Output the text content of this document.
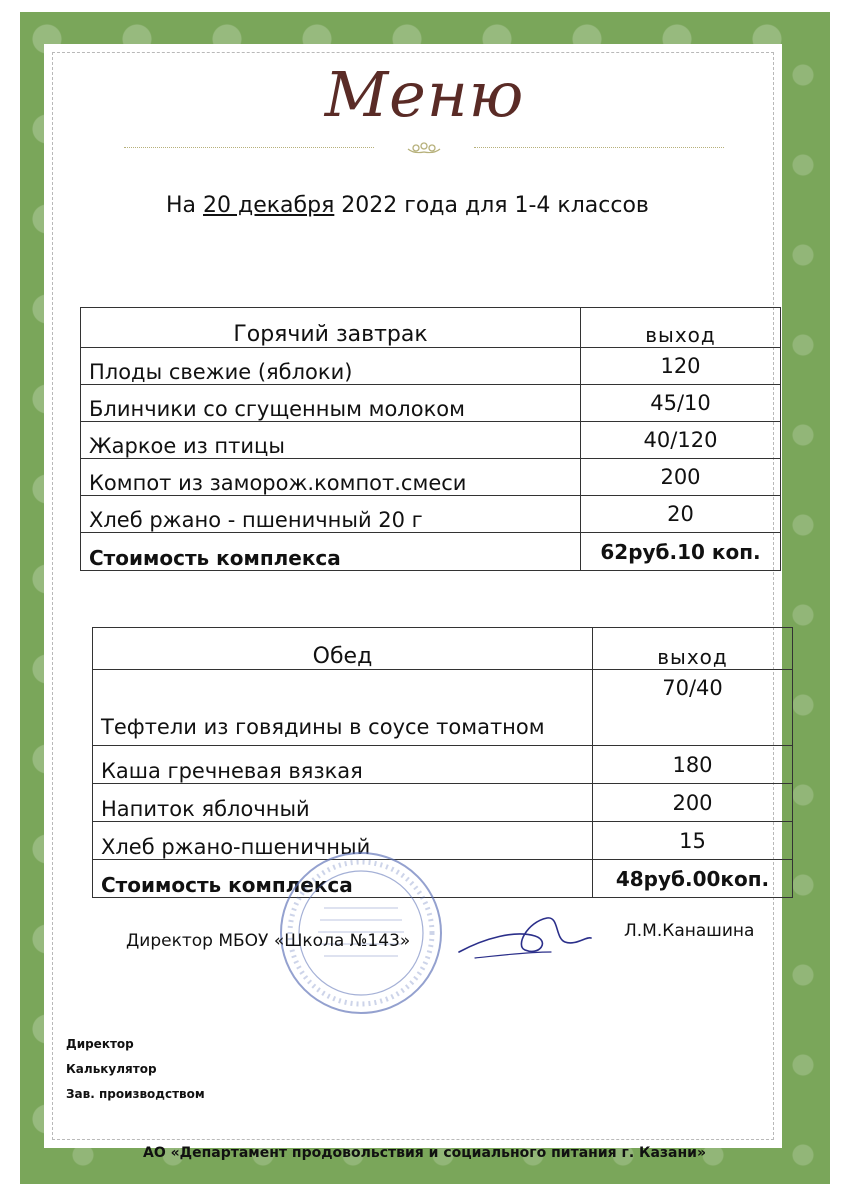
Меню
На 20 декабря 2022 года для 1-4 классов
Горячий завтрак	выход
Плоды свежие (яблоки)	120
Блинчики со сгущенным молоком	45/10
Жаркое из птицы	40/120
Компот из заморож.компот.смеси	200
Хлеб ржано - пшеничный 20 г	20
Стоимость комплекса	62руб.10 коп.
Обед	выход
Тефтели из говядины в соусе томатном	70/40
Каша гречневая вязкая	180
Напиток яблочный	200
Хлеб ржано-пшеничный	15
Стоимость комплекса	48руб.00коп.
Директор МБОУ «Школа №143»	Л.М.Канашина
Директор
Калькулятор
Зав. производством
АО «Департамент продовольствия и социального питания г. Казани»
